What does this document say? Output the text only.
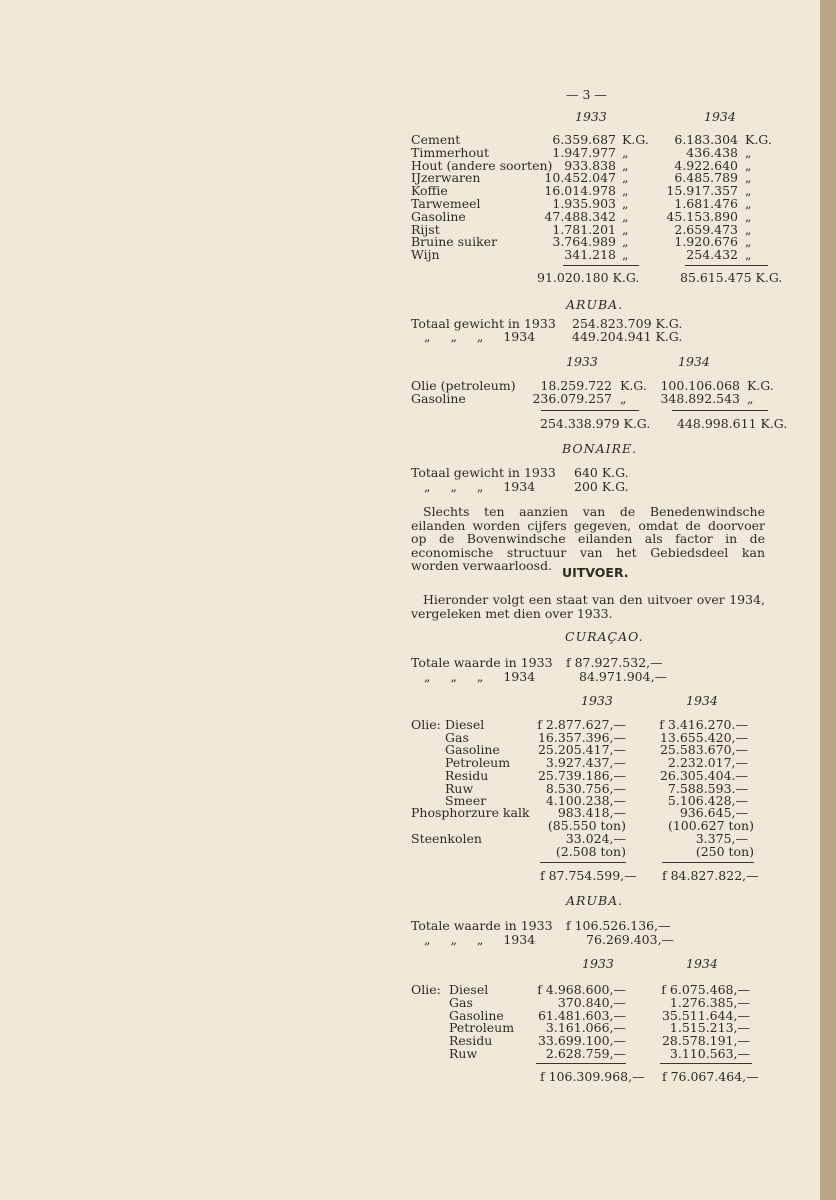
— 3 —
1933	1934
Cement	6.359.687 K.G.	6.183.304 K.G.
Timmerhout	1.947.977 „	436.438 „
Hout (andere soorten) 933.838 „	4.922.640 „
IJzerwaren	10.452.047 „	6.485.789 „
Koffie	16.014.978 „	15.917.357 „
Tarwemeel	1.935.903 „	1.681.476 „
Gasoline	47.488.342 „	45.153.890 „
Rijst	1.781.201 „	2.659.473 „
Bruine suiker	3.764.989 „	1.920.676 „
Wijn	341.218 „	254.432 „
91.020.180 K.G.	85.615.475 K.G.
ARUBA.
Totaal gewicht in 1933 254.823.709 K.G.
„ „ „ 1934	449.204.941 K.G.
1933	1934
Olie (petroleum)	18.259.722 K.G.	100.106.068 K.G.
Gasoline	236.079.257 „	348.892.543 „
254.338.979 K.G. 448.998.611 K.G.
BONAIRE.
Totaal gewicht in 1933 640 K.G.
„ „ „ 1934	200 K.G.
Slechts ten aanzien van de Benedenwindsche eilanden worden cijfers gegeven, omdat de doorvoer op de Bovenwindsche eilanden als factor in de economische structuur van het Gebiedsdeel kan worden verwaarloosd. UITVOER.
Hieronder volgt een staat van den uitvoer over 1934, vergeleken met dien over 1933.
CURAÇAO.
Totale waarde in 1933 f 87.927.532,—
„ „ „ 1934	84.971.904,—
1933	1934
Olie: Diesel	f 2.877.627,—	f 3.416.270.—
Gas	16.357.396,—	13.655.420,—
Gasoline	25.205.417,—	25.583.670,—
Petroleum	3.927.437,—	2.232.017,—
Residu	25.739.186,—	26.305.404.—
Ruw	8.530.756,—	7.588.593.—
Smeer	4.100.238,—	5.106.428,—
Phosphorzure kalk	983.418,—	936.645,—
(85.550 ton)	(100.627 ton)
Steenkolen	33.024,—	3.375,—
(2.508 ton)	(250 ton)
f 87.754.599,— f 84.827.822,—
ARUBA.
Totale waarde in 1933 f 106.526.136,—
„ „ „ 1934	76.269.403,—
1933	1934
Olie: Diesel	f 4.968.600,—	f 6.075.468,—
Gas	370.840,—	1.276.385,—
Gasoline	61.481.603,—	35.511.644,—
Petroleum	3.161.066,—	1.515.213,—
Residu	33.699.100,—	28.578.191,—
Ruw	2.628.759,—	3.110.563,—
f 106.309.968,— f 76.067.464,—
